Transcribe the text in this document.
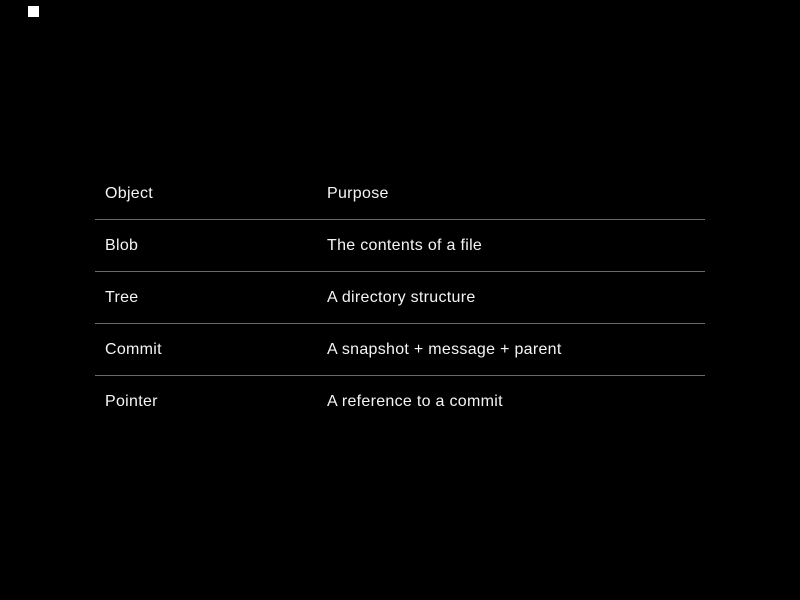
Object	Purpose
Blob	The contents of a file
Tree	A directory structure
Commit	A snapshot + message + parent
Pointer	A reference to a commit
